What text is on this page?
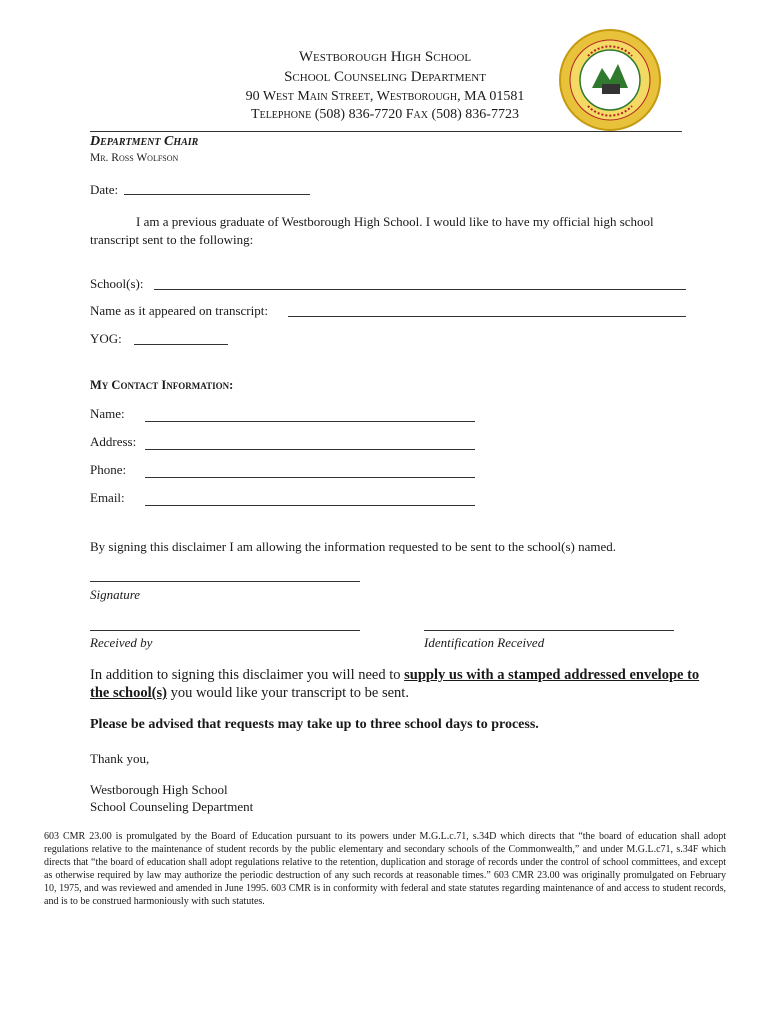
Westborough High School
School Counseling Department
90 West Main Street, Westborough, MA 01581
Telephone (508) 836-7720 Fax (508) 836-7723
Department Chair
Mr. Ross Wolfson
Date:
I am a previous graduate of Westborough High School. I would like to have my official high school transcript sent to the following:
School(s):
Name as it appeared on transcript:
YOG:
My Contact Information:
Name:
Address:
Phone:
Email:
By signing this disclaimer I am allowing the information requested to be sent to the school(s) named.
Signature
Received by	Identification Received
In addition to signing this disclaimer you will need to supply us with a stamped addressed envelope to the school(s) you would like your transcript to be sent.
Please be advised that requests may take up to three school days to process.
Thank you,
Westborough High School
School Counseling Department
603 CMR 23.00 is promulgated by the Board of Education pursuant to its powers under M.G.L.c.71, s.34D which directs that “the board of education shall adopt regulations relative to the maintenance of student records by the public elementary and secondary schools of the Commonwealth,” and under M.G.L.c71, s.34F which directs that “the board of education shall adopt regulations relative to the retention, duplication and storage of records under the control of school committees, and except as otherwise required by law may authorize the periodic destruction of any such records at reasonable times.” 603 CMR 23.00 was originally promulgated on February 10, 1975, and was reviewed and amended in June 1995. 603 CMR is in conformity with federal and state statutes regarding maintenance of and access to student records, and is to be construed harmoniously with such statutes.
